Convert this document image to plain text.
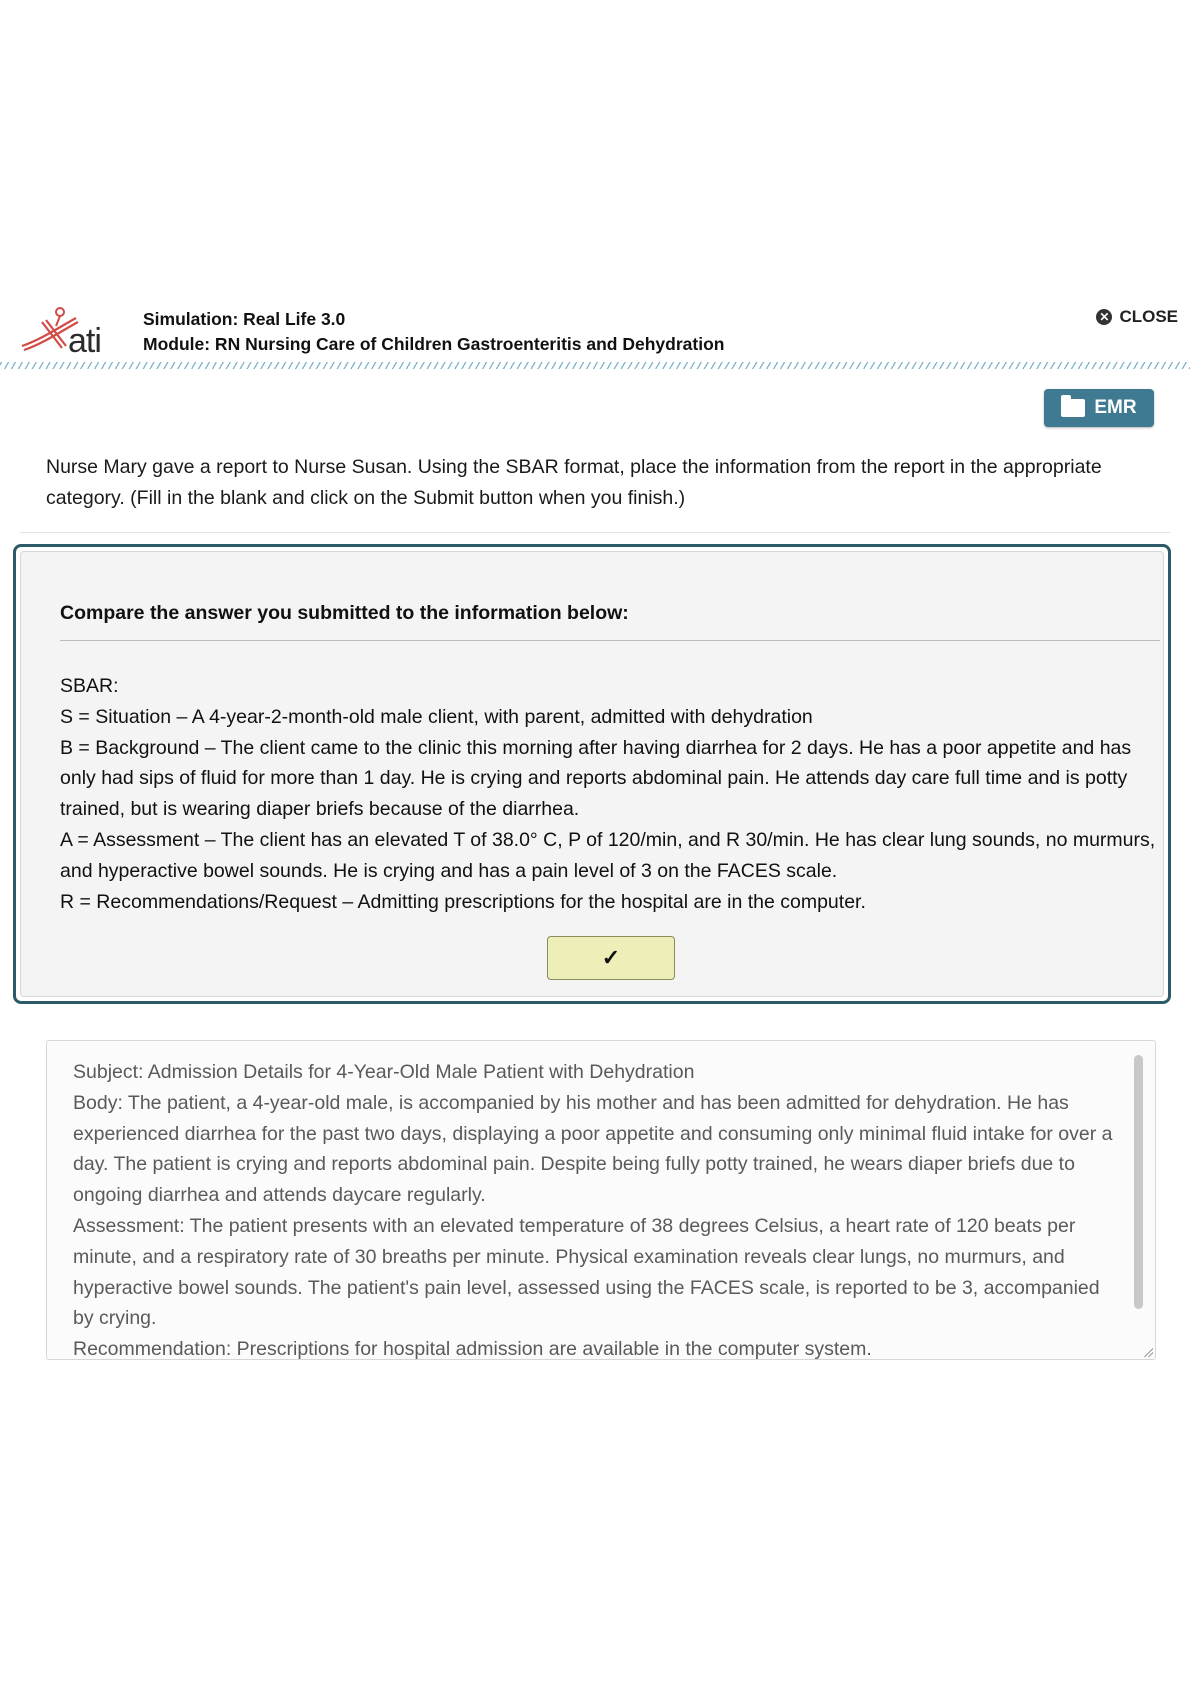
ati
Simulation: Real Life 3.0
Module: RN Nursing Care of Children Gastroenteritis and Dehydration
✕ CLOSE
EMR
Nurse Mary gave a report to Nurse Susan. Using the SBAR format, place the information from the report in the appropriate category. (Fill in the blank and click on the Submit button when you finish.)
Compare the answer you submitted to the information below:
SBAR:
S = Situation – A 4-year-2-month-old male client, with parent, admitted with dehydration
B = Background – The client came to the clinic this morning after having diarrhea for 2 days. He has a poor appetite and has only had sips of fluid for more than 1 day. He is crying and reports abdominal pain. He attends day care full time and is potty trained, but is wearing diaper briefs because of the diarrhea.
A = Assessment – The client has an elevated T of 38.0° C, P of 120/min, and R 30/min. He has clear lung sounds, no murmurs, and hyperactive bowel sounds. He is crying and has a pain level of 3 on the FACES scale.
R = Recommendations/Request – Admitting prescriptions for the hospital are in the computer.
✓
Subject: Admission Details for 4-Year-Old Male Patient with Dehydration
Body: The patient, a 4-year-old male, is accompanied by his mother and has been admitted for dehydration. He has experienced diarrhea for the past two days, displaying a poor appetite and consuming only minimal fluid intake for over a day. The patient is crying and reports abdominal pain. Despite being fully potty trained, he wears diaper briefs due to ongoing diarrhea and attends daycare regularly.
Assessment: The patient presents with an elevated temperature of 38 degrees Celsius, a heart rate of 120 beats per minute, and a respiratory rate of 30 breaths per minute. Physical examination reveals clear lungs, no murmurs, and hyperactive bowel sounds. The patient's pain level, assessed using the FACES scale, is reported to be 3, accompanied by crying.
Recommendation: Prescriptions for hospital admission are available in the computer system.
